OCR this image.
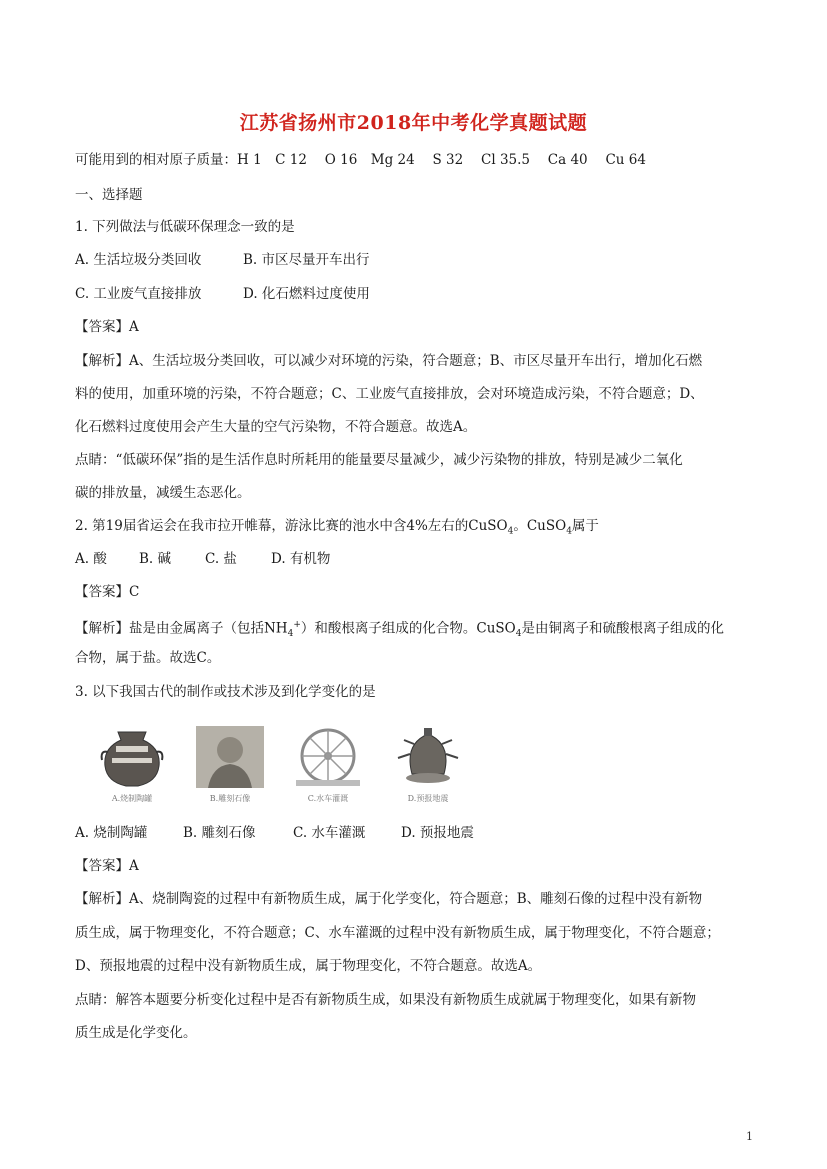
江苏省扬州市2018年中考化学真题试题
可能用到的相对原子质量：H 1　C 12　 O 16　Mg 24　 S 32　 Cl 35.5　 Ca 40　 Cu 64
一、选择题
1. 下列做法与低碳环保理念一致的是
A. 生活垃圾分类回收	B. 市区尽量开车出行
C. 工业废气直接排放	D. 化石燃料过度使用
【答案】A
【解析】A、生活垃圾分类回收，可以减少对环境的污染，符合题意；B、市区尽量开车出行，增加化石燃
料的使用，加重环境的污染，不符合题意；C、工业废气直接排放，会对环境造成污染，不符合题意；D、
化石燃料过度使用会产生大量的空气污染物，不符合题意。故选A。
点睛：“低碳环保”指的是生活作息时所耗用的能量要尽量减少，减少污染物的排放，特别是减少二氧化
碳的排放量，减缓生态恶化。
2. 第19届省运会在我市拉开帷幕，游泳比赛的池水中含4%左右的CuSO$_4$。CuSO$_4$属于
A. 酸 B. 碱	C. 盐	D. 有机物
【答案】C
【解析】盐是由金属离子（包括$NH_4^+$）和酸根离子组成的化合物。CuSO$_4$是由铜离子和硫酸根离子组成的化
合物，属于盐。故选C。
3. 以下我国古代的制作或技术涉及到化学变化的是
A.烧制陶罐	B.雕刻石像	C.水车灌溉	D.预报地震
A. 烧制陶罐	B. 雕刻石像	C. 水车灌溉	D. 预报地震
【答案】A
【解析】A、烧制陶瓷的过程中有新物质生成，属于化学变化，符合题意；B、雕刻石像的过程中没有新物
质生成，属于物理变化，不符合题意；C、水车灌溉的过程中没有新物质生成，属于物理变化，不符合题意；
D、预报地震的过程中没有新物质生成，属于物理变化，不符合题意。故选A。
点睛：解答本题要分析变化过程中是否有新物质生成，如果没有新物质生成就属于物理变化，如果有新物
质生成是化学变化。
1
